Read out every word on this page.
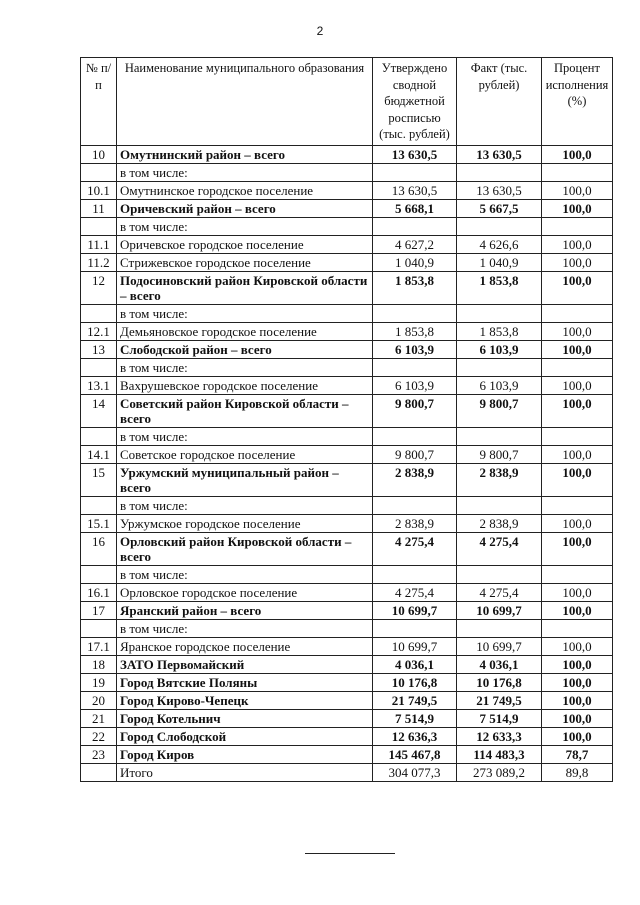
2
№ п/п	Наименование муниципального образования	Утверждено сводной бюджетной росписью (тыс. рублей)	Факт (тыс. рублей)	Процент исполнения (%)
10	Омутнинский район – всего	13 630,5	13 630,5	100,0
	в том числе:			
10.1	Омутнинское городское поселение	13 630,5	13 630,5	100,0
11	Оричевский район – всего	5 668,1	5 667,5	100,0
	в том числе:			
11.1	Оричевское городское поселение	4 627,2	4 626,6	100,0
11.2	Стрижевское городское поселение	1 040,9	1 040,9	100,0
12	Подосиновский район Кировской области – всего	1 853,8	1 853,8	100,0
	в том числе:			
12.1	Демьяновское городское поселение	1 853,8	1 853,8	100,0
13	Слободской район – всего	6 103,9	6 103,9	100,0
	в том числе:			
13.1	Вахрушевское городское поселение	6 103,9	6 103,9	100,0
14	Советский район Кировской области – всего	9 800,7	9 800,7	100,0
	в том числе:			
14.1	Советское городское поселение	9 800,7	9 800,7	100,0
15	Уржумский муниципальный район – всего	2 838,9	2 838,9	100,0
	в том числе:			
15.1	Уржумское городское поселение	2 838,9	2 838,9	100,0
16	Орловский район Кировской области – всего	4 275,4	4 275,4	100,0
	в том числе:			
16.1	Орловское городское поселение	4 275,4	4 275,4	100,0
17	Яранский район – всего	10 699,7	10 699,7	100,0
	в том числе:			
17.1	Яранское городское поселение	10 699,7	10 699,7	100,0
18	ЗАТО Первомайский	4 036,1	4 036,1	100,0
19	Город Вятские Поляны	10 176,8	10 176,8	100,0
20	Город Кирово-Чепецк	21 749,5	21 749,5	100,0
21	Город Котельнич	7 514,9	7 514,9	100,0
22	Город Слободской	12 636,3	12 633,3	100,0
23	Город Киров	145 467,8	114 483,3	78,7
	Итого	304 077,3	273 089,2	89,8
